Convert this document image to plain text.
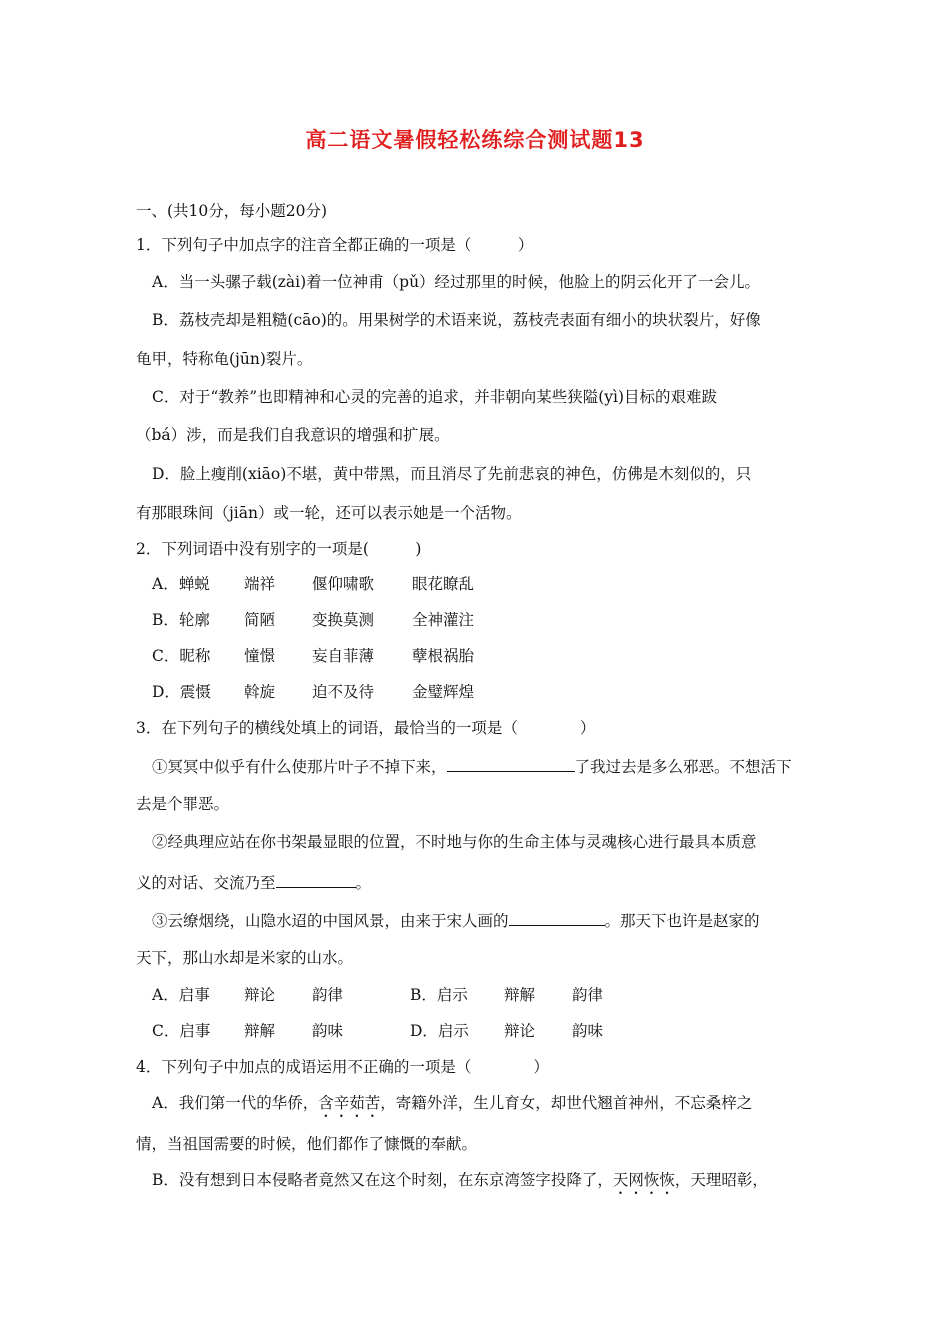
高二语文暑假轻松练综合测试题13
一、(共10分，每小题20分)
1．下列句子中加点字的注音全都正确的一项是（　　　）
A．当一头骡子载(zài)着一位神甫（pǔ）经过那里的时候，他脸上的阴云化开了一会儿。
B．荔枝壳却是粗糙(cāo)的。用果树学的术语来说，荔枝壳表面有细小的块状裂片，好像
龟甲，特称龟(jūn)裂片。
C．对于“教养”也即精神和心灵的完善的追求，并非朝向某些狭隘(yì)目标的艰难跋
（bá）涉，而是我们自我意识的增强和扩展。
D．脸上瘦削(xiāo)不堪，黄中带黑，而且消尽了先前悲哀的神色，仿佛是木刻似的，只
有那眼珠间（jiān）或一轮，还可以表示她是一个活物。
2．下列词语中没有别字的一项是(　　　)
A．蝉蜕 端祥 偃仰啸歌 眼花瞭乱
B．轮廓 简陋 变换莫测 全神灌注
C．昵称 憧憬 妄自菲薄 孽根祸胎
D．震慑 斡旋 迫不及待 金璧辉煌
3．在下列句子的横线处填上的词语，最恰当的一项是（　　　　）
①冥冥中似乎有什么使那片叶子不掉下来，	了我过去是多么邪恶。不想活下
去是个罪恶。
②经典理应站在你书架最显眼的位置，不时地与你的生命主体与灵魂核心进行最具本质意
义的对话、交流乃至	。
③云缭烟绕，山隐水迢的中国风景，由来于宋人画的	。那天下也许是赵家的
天下，那山水却是米家的山水。
A．启事 辩论 韵律	B．启示 辩解 韵律
C．启事 辩解 韵味	D．启示 辩论 韵味
4．下列句子中加点的成语运用不正确的一项是（　　　　）
A．我们第一代的华侨，含辛茹苦，寄籍外洋，生儿育女，却世代翘首神州，不忘桑梓之
情，当祖国需要的时候，他们都作了慷慨的奉献。
B．没有想到日本侵略者竟然又在这个时刻，在东京湾签字投降了，天网恢恢，天理昭彰，
